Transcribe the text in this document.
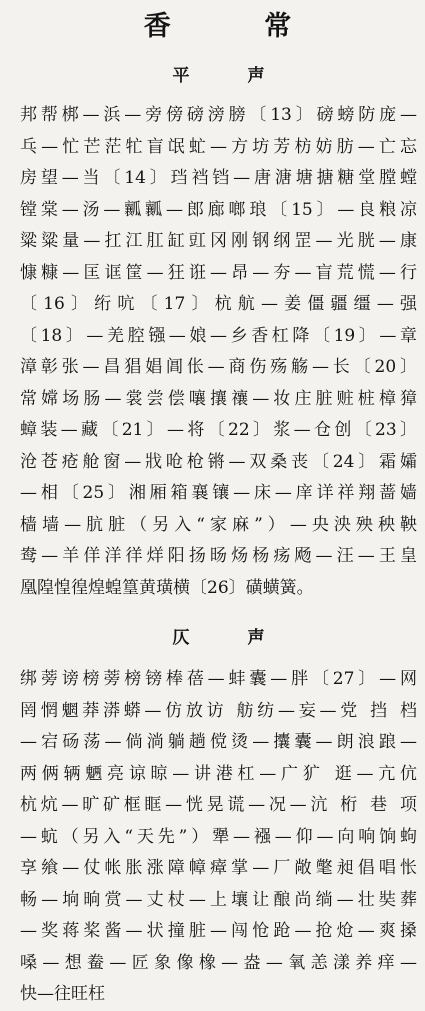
香 常
平 声
邦帮梆—浜—旁傍磅滂膀〔13〕磅螃防庞—
乓—忙芒茫牤盲氓虻—方坊芳枋妨肪—亡忘
房望—当〔14〕珰裆铛—唐溏塘搪糖堂膛螳
镗棠—汤—瓤瓤—郎廊啷琅〔15〕—良粮凉
粱粱量—扛江肛缸豇冈刚钢纲罡—光胱—康
慷糠—匡诓筐—狂诳—昂—夯—盲荒慌—行
〔16〕绗吭〔17〕杭航—姜僵疆缰—强
〔18〕—羌腔镪—娘—乡香杠降〔19〕—章
漳彰张—昌猖娼阊伥—商伤殇觞—长〔20〕
常嫦场肠—裳尝偿嚷攘禳—妆庄脏赃桩樟獐
蟑装—藏〔21〕—将〔22〕浆—仓创〔23〕
沧苍疮舱窗—戕呛枪锵—双桑丧〔24〕霜孀
—相〔25〕湘厢箱襄镶—床—庠详祥翔蔷嫱
樯墙—肮脏（另入“家麻”）—央泱殃秧鞅
鸯—羊佯洋徉烊阳扬旸炀杨疡飏—汪—王皇
凰隍惶徨煌蝗篁黄璜横〔26〕磺蟥簧。
仄 声
绑蒡谤榜蒡榜镑棒蓓—蚌囊—胖〔27〕—网
罔惘魍莽漭蟒—仿放访 舫纺—妄—党 挡 档
—宕砀荡—倘淌躺趟傥烫—攮囊—朗浪踉—
两俩辆魉亮谅晾—讲港杠—广犷 逛—亢伉
杭炕—旷矿框眶—恍晃谎—况—沆 桁 巷 项
—蚢（另入“天先”）犟—襁—仰—向响饷蚼
享飨—仗帐胀涨障幛瘴掌—厂敞氅昶倡唱怅
畅—垧晌赏—丈杖—上壤让酿尚绱—壮奘葬
—奖蒋桨酱—状撞脏—闯怆跄—抢炝—爽搡
嗓—想鲞—匠象像橡—盎—氧恙漾养痒—
快—往旺枉
